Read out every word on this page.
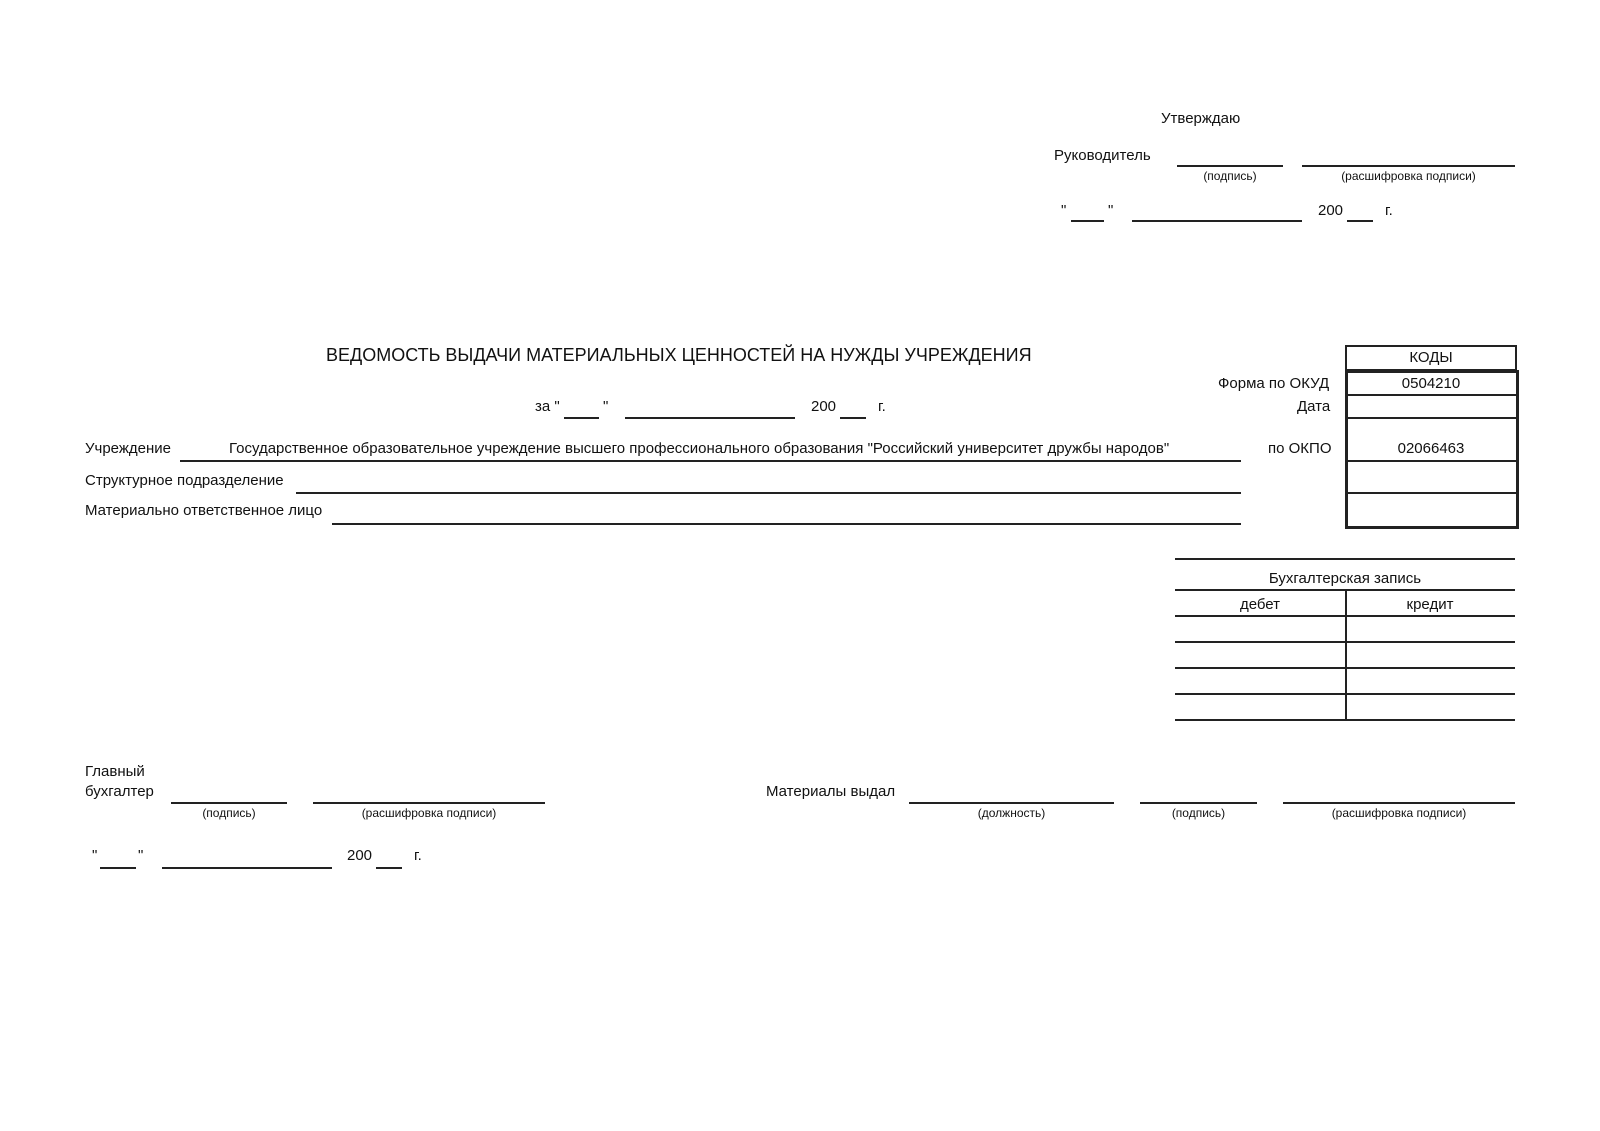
Утверждаю
Руководитель
(подпись)	(расшифровка подписи)
"	"	200	г.
ВЕДОМОСТЬ ВЫДАЧИ МАТЕРИАЛЬНЫХ ЦЕННОСТЕЙ НА НУЖДЫ УЧРЕЖДЕНИЯ
за "	"	200	г.
Учреждение	Государственное образовательное учреждение высшего профессионального образования "Российский университет дружбы народов"
Структурное подразделение
Материально ответственное лицо
КОДЫ
Форма по ОКУД	0504210
Дата
по ОКПО	02066463
Бухгалтерская запись
дебет	кредит
Главный
бухгалтер
(подпись)	(расшифровка подписи)
"	"	200	г.
Материалы выдал
(должность)	(подпись)	(расшифровка подписи)
